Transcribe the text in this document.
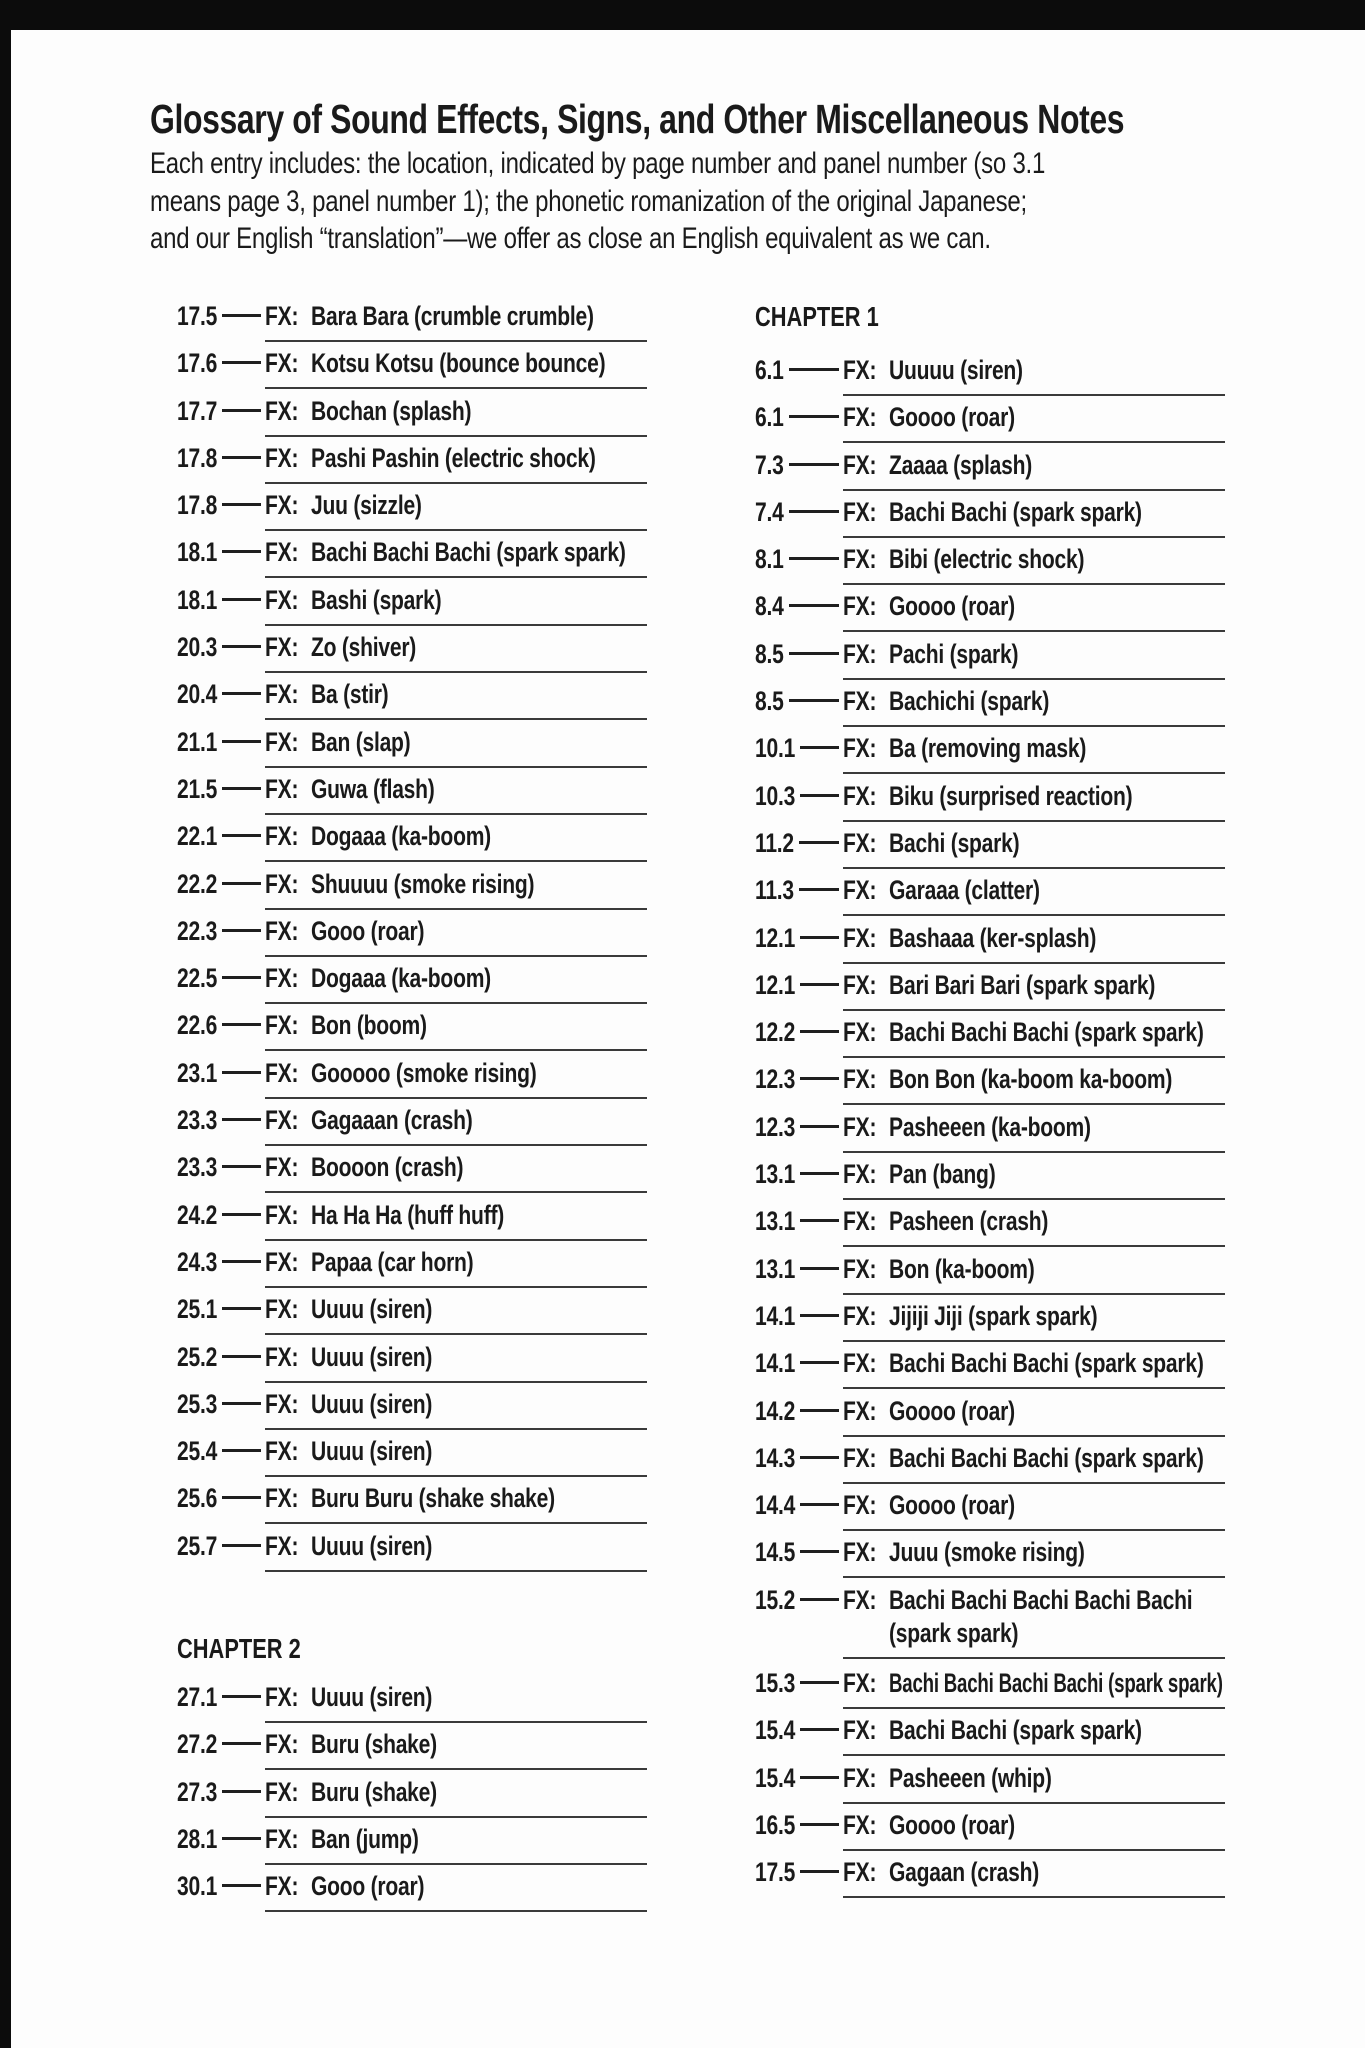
Glossary of Sound Effects, Signs, and Other Miscellaneous Notes
Each entry includes: the location, indicated by page number and panel number (so 3.1
means page 3, panel number 1); the phonetic romanization of the original Japanese;
and our English “translation”—we offer as close an English equivalent as we can.
17.5 FX: Bara Bara (crumble crumble)
17.6 FX: Kotsu Kotsu (bounce bounce)
17.7 FX: Bochan (splash)
17.8 FX: Pashi Pashin (electric shock)
17.8 FX: Juu (sizzle)
18.1 FX: Bachi Bachi Bachi (spark spark)
18.1 FX: Bashi (spark)
20.3 FX: Zo (shiver)
20.4 FX: Ba (stir)
21.1 FX: Ban (slap)
21.5 FX: Guwa (flash)
22.1 FX: Dogaaa (ka-boom)
22.2 FX: Shuuuu (smoke rising)
22.3 FX: Gooo (roar)
22.5 FX: Dogaaa (ka-boom)
22.6 FX: Bon (boom)
23.1 FX: Gooooo (smoke rising)
23.3 FX: Gagaaan (crash)
23.3 FX: Boooon (crash)
24.2 FX: Ha Ha Ha (huff huff)
24.3 FX: Papaa (car horn)
25.1 FX: Uuuu (siren)
25.2 FX: Uuuu (siren)
25.3 FX: Uuuu (siren)
25.4 FX: Uuuu (siren)
25.6 FX: Buru Buru (shake shake)
25.7 FX: Uuuu (siren)
CHAPTER 2
27.1 FX: Uuuu (siren)
27.2 FX: Buru (shake)
27.3 FX: Buru (shake)
28.1 FX: Ban (jump)
30.1 FX: Gooo (roar)
CHAPTER 1
6.1 FX: Uuuuu (siren)
6.1 FX: Goooo (roar)
7.3 FX: Zaaaa (splash)
7.4 FX: Bachi Bachi (spark spark)
8.1 FX: Bibi (electric shock)
8.4 FX: Goooo (roar)
8.5 FX: Pachi (spark)
8.5 FX: Bachichi (spark)
10.1 FX: Ba (removing mask)
10.3 FX: Biku (surprised reaction)
11.2 FX: Bachi (spark)
11.3 FX: Garaaa (clatter)
12.1 FX: Bashaaa (ker-splash)
12.1 FX: Bari Bari Bari (spark spark)
12.2 FX: Bachi Bachi Bachi (spark spark)
12.3 FX: Bon Bon (ka-boom ka-boom)
12.3 FX: Pasheeen (ka-boom)
13.1 FX: Pan (bang)
13.1 FX: Pasheen (crash)
13.1 FX: Bon (ka-boom)
14.1 FX: Jijiji Jiji (spark spark)
14.1 FX: Bachi Bachi Bachi (spark spark)
14.2 FX: Goooo (roar)
14.3 FX: Bachi Bachi Bachi (spark spark)
14.4 FX: Goooo (roar)
14.5 FX: Juuu (smoke rising)
15.2 FX: Bachi Bachi Bachi Bachi Bachi
(spark spark)
15.3 FX: Bachi Bachi Bachi Bachi (spark spark)
15.4 FX: Bachi Bachi (spark spark)
15.4 FX: Pasheeen (whip)
16.5 FX: Goooo (roar)
17.5 FX: Gagaan (crash)
